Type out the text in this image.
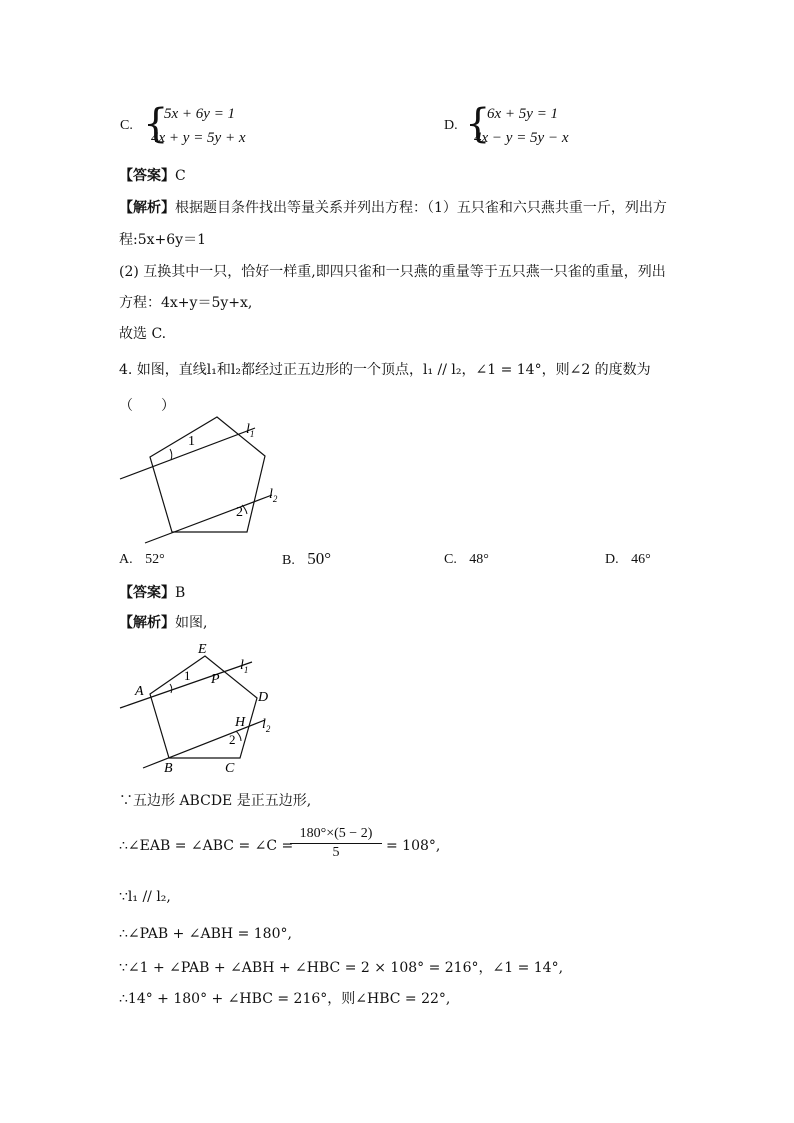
C. {
5x + 6y = 1
4x + y = 5y + x
D. {
6x + 5y = 1
4x − y = 5y − x
【答案】C
【解析】根据题目条件找出等量关系并列出方程：（1）五只雀和六只燕共重一斤，列出方
程:5x+6y＝1
(2) 互换其中一只，恰好一样重,即四只雀和一只燕的重量等于五只燕一只雀的重量，列出
方程：4x+y＝5y+x,
故选 C.
4. 如图，直线l₁和l₂都经过正五边形的一个顶点，l₁ // l₂，∠1 = 14°，则∠2 的度数为
（　　）
1
2
$l_1$
$l_2$
A. 52°	B. 50°	C. 48°	D. 46°
【答案】B
【解析】如图,
A
E
D
B	C
P
H
1
2
$l_1$
$l_2$
∵五边形 ABCDE 是正五边形,
∴∠EAB = ∠ABC = ∠C =
180°×(5 − 2)
5	= 108°,
∵l₁ // l₂,
∴∠PAB + ∠ABH = 180°,
∵∠1 + ∠PAB + ∠ABH + ∠HBC = 2 × 108° = 216°，∠1 = 14°,
∴14° + 180° + ∠HBC = 216°，则∠HBC = 22°,
